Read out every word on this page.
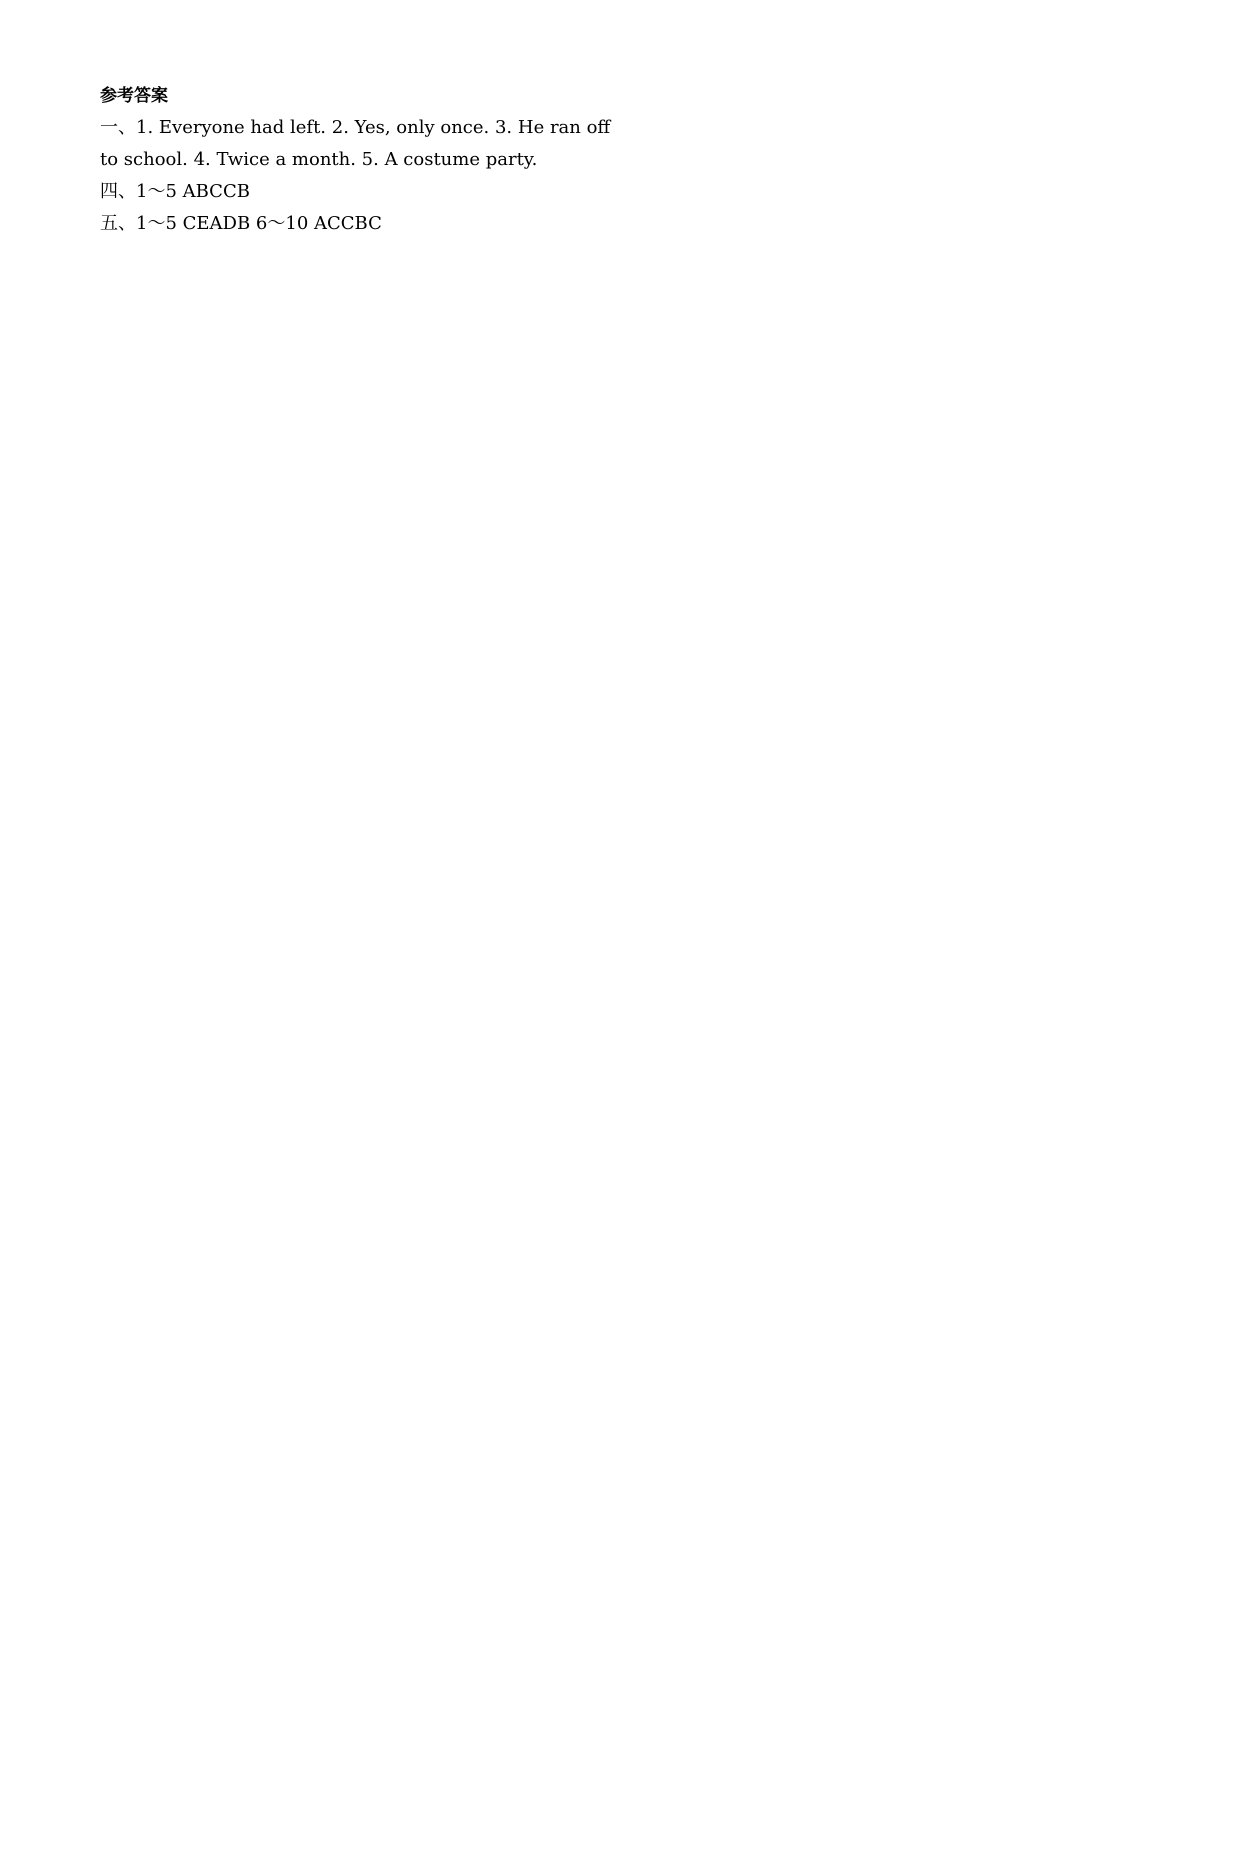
参考答案
一、1. Everyone had left. 2. Yes, only once. 3. He ran off to school. 4. Twice a month. 5. A costume party.
四、1～5 ABCCB
五、1～5 CEADB 6～10 ACCBC
